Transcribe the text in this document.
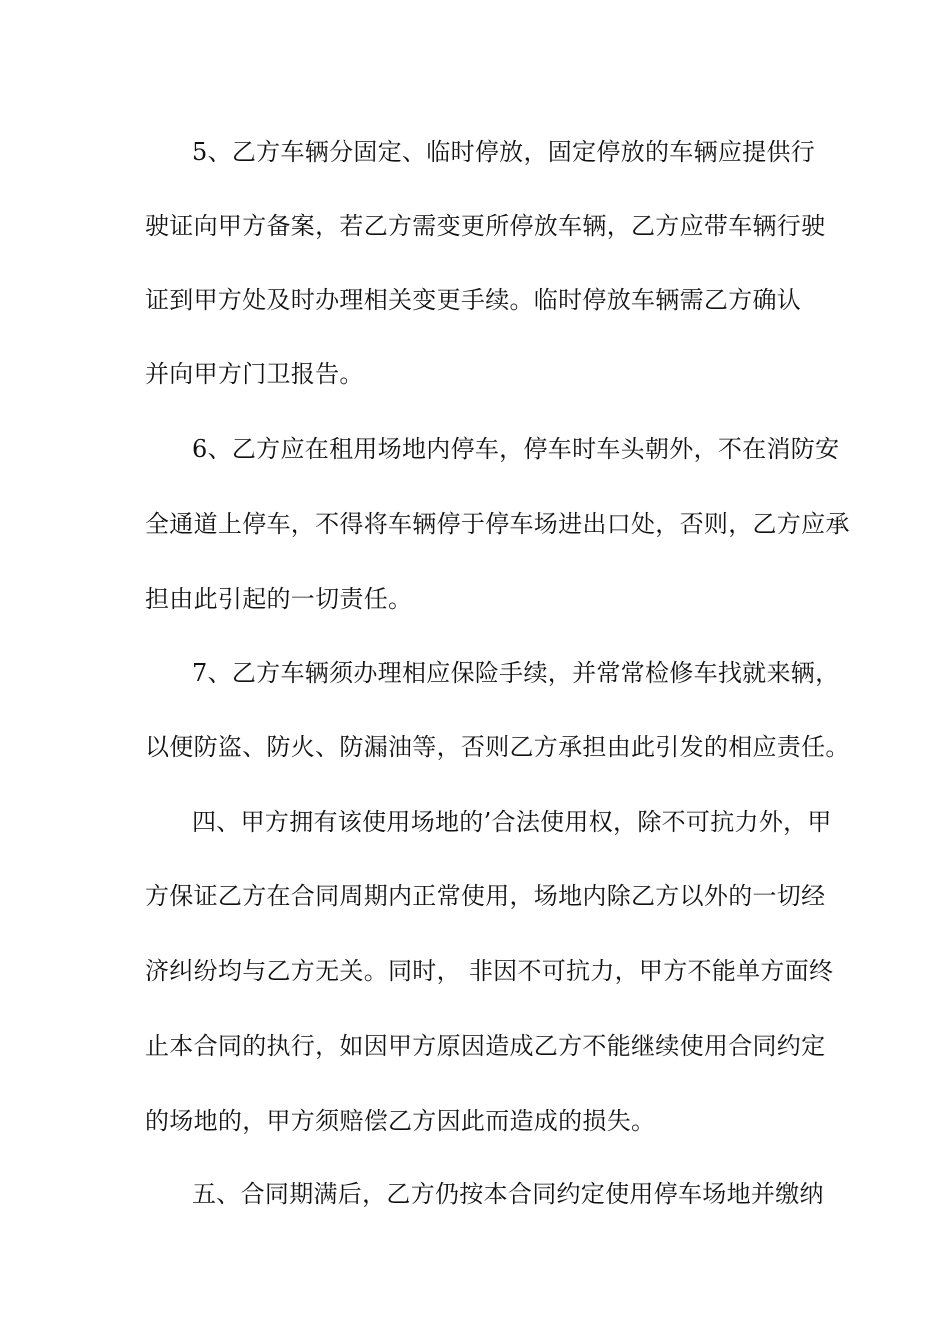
5、乙方车辆分固定、临时停放，固定停放的车辆应提供行
驶证向甲方备案，若乙方需变更所停放车辆，乙方应带车辆行驶
证到甲方处及时办理相关变更手续。临时停放车辆需乙方确认
并向甲方门卫报告。
6、乙方应在租用场地内停车，停车时车头朝外，不在消防安
全通道上停车，不得将车辆停于停车场进出口处，否则，乙方应承
担由此引起的一切责任。
7、乙方车辆须办理相应保险手续，并常常检修车找就来辆，
以便防盗、防火、防漏油等，否则乙方承担由此引发的相应责任。
四、甲方拥有该使用场地的’合法使用权，除不可抗力外，甲
方保证乙方在合同周期内正常使用，场地内除乙方以外的一切经
济纠纷均与乙方无关。同时， 非因不可抗力，甲方不能单方面终
止本合同的执行，如因甲方原因造成乙方不能继续使用合同约定
的场地的，甲方须赔偿乙方因此而造成的损失。
五、合同期满后，乙方仍按本合同约定使用停车场地并缴纳
